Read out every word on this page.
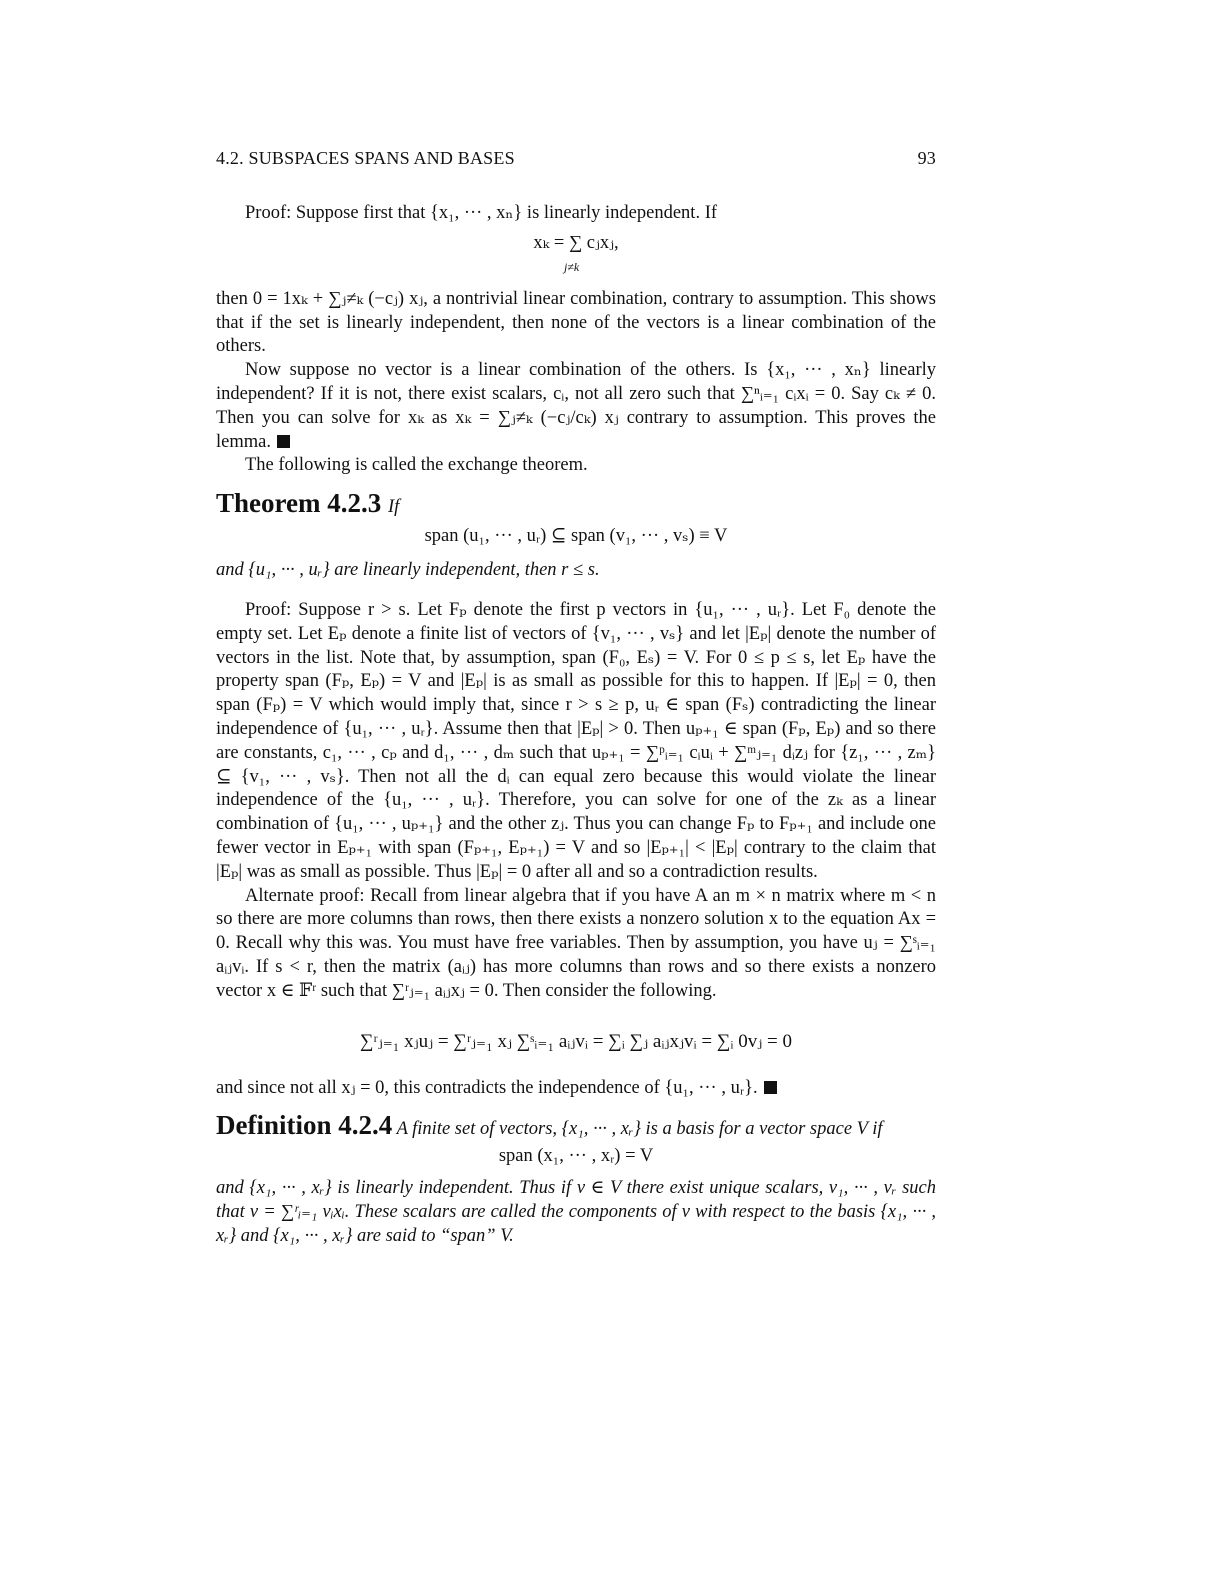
4.2. SUBSPACES SPANS AND BASES	93

Proof: Suppose first that {x₁, ··· , xₙ} is linearly independent. If

xₖ = ∑ cⱼxⱼ,
j≠k

then 0 = 1xₖ + ∑ⱼ≠ₖ (−cⱼ) xⱼ, a nontrivial linear combination, contrary to assumption. This shows that if the set is linearly independent, then none of the vectors is a linear combination of the others.

Now suppose no vector is a linear combination of the others. Is {x₁, ··· , xₙ} linearly independent? If it is not, there exist scalars, cᵢ, not all zero such that ∑ⁿᵢ₌₁ cᵢxᵢ = 0. Say cₖ ≠ 0. Then you can solve for xₖ as xₖ = ∑ⱼ≠ₖ (−cⱼ/cₖ) xⱼ contrary to assumption. This proves the lemma.

The following is called the exchange theorem.

Theorem 4.2.3 If
span (u₁, ··· , uᵣ) ⊆ span (v₁, ··· , vₛ) ≡ V

and {u₁, ··· , uᵣ} are linearly independent, then r ≤ s.

Proof: Suppose r > s. Let Fₚ denote the first p vectors in {u₁, ··· , uᵣ}. Let F₀ denote the empty set. Let Eₚ denote a finite list of vectors of {v₁, ··· , vₛ} and let |Eₚ| denote the number of vectors in the list. Note that, by assumption, span (F₀, Eₛ) = V. For 0 ≤ p ≤ s, let Eₚ have the property span (Fₚ, Eₚ) = V and |Eₚ| is as small as possible for this to happen. If |Eₚ| = 0, then span (Fₚ) = V which would imply that, since r > s ≥ p, uᵣ ∈ span (Fₛ) contradicting the linear independence of {u₁, ··· , uᵣ}. Assume then that |Eₚ| > 0. Then uₚ₊₁ ∈ span (Fₚ, Eₚ) and so there are constants, c₁, ··· , cₚ and d₁, ··· , dₘ such that uₚ₊₁ = ∑ᵖᵢ₌₁ cᵢuᵢ + ∑ᵐⱼ₌₁ dᵢzⱼ for {z₁, ··· , zₘ} ⊆ {v₁, ··· , vₛ}. Then not all the dᵢ can equal zero because this would violate the linear independence of the {u₁, ··· , uᵣ}. Therefore, you can solve for one of the zₖ as a linear combination of {u₁, ··· , uₚ₊₁} and the other zⱼ. Thus you can change Fₚ to Fₚ₊₁ and include one fewer vector in Eₚ₊₁ with span (Fₚ₊₁, Eₚ₊₁) = V and so |Eₚ₊₁| < |Eₚ| contrary to the claim that |Eₚ| was as small as possible. Thus |Eₚ| = 0 after all and so a contradiction results.

Alternate proof: Recall from linear algebra that if you have A an m × n matrix where m < n so there are more columns than rows, then there exists a nonzero solution x to the equation Ax = 0. Recall why this was. You must have free variables. Then by assumption, you have uⱼ = ∑ˢᵢ₌₁ aᵢⱼvᵢ. If s < r, then the matrix (aᵢⱼ) has more columns than rows and so there exists a nonzero vector x ∈ 𝔽ʳ such that ∑ʳⱼ₌₁ aᵢⱼxⱼ = 0. Then consider the following.

∑ʳⱼ₌₁ xⱼuⱼ = ∑ʳⱼ₌₁ xⱼ ∑ˢᵢ₌₁ aᵢⱼvᵢ = ∑ᵢ ∑ⱼ aᵢⱼxⱼvᵢ = ∑ᵢ 0vⱼ = 0

and since not all xⱼ = 0, this contradicts the independence of {u₁, ··· , uᵣ}.

Definition 4.2.4 A finite set of vectors, {x₁, ··· , xᵣ} is a basis for a vector space V if

span (x₁, ··· , xᵣ) = V

and {x₁, ··· , xᵣ} is linearly independent. Thus if v ∈ V there exist unique scalars, v₁, ··· , vᵣ such that v = ∑ʳᵢ₌₁ vᵢxᵢ. These scalars are called the components of v with respect to the basis {x₁, ··· , xᵣ} and {x₁, ··· , xᵣ} are said to “span” V.
